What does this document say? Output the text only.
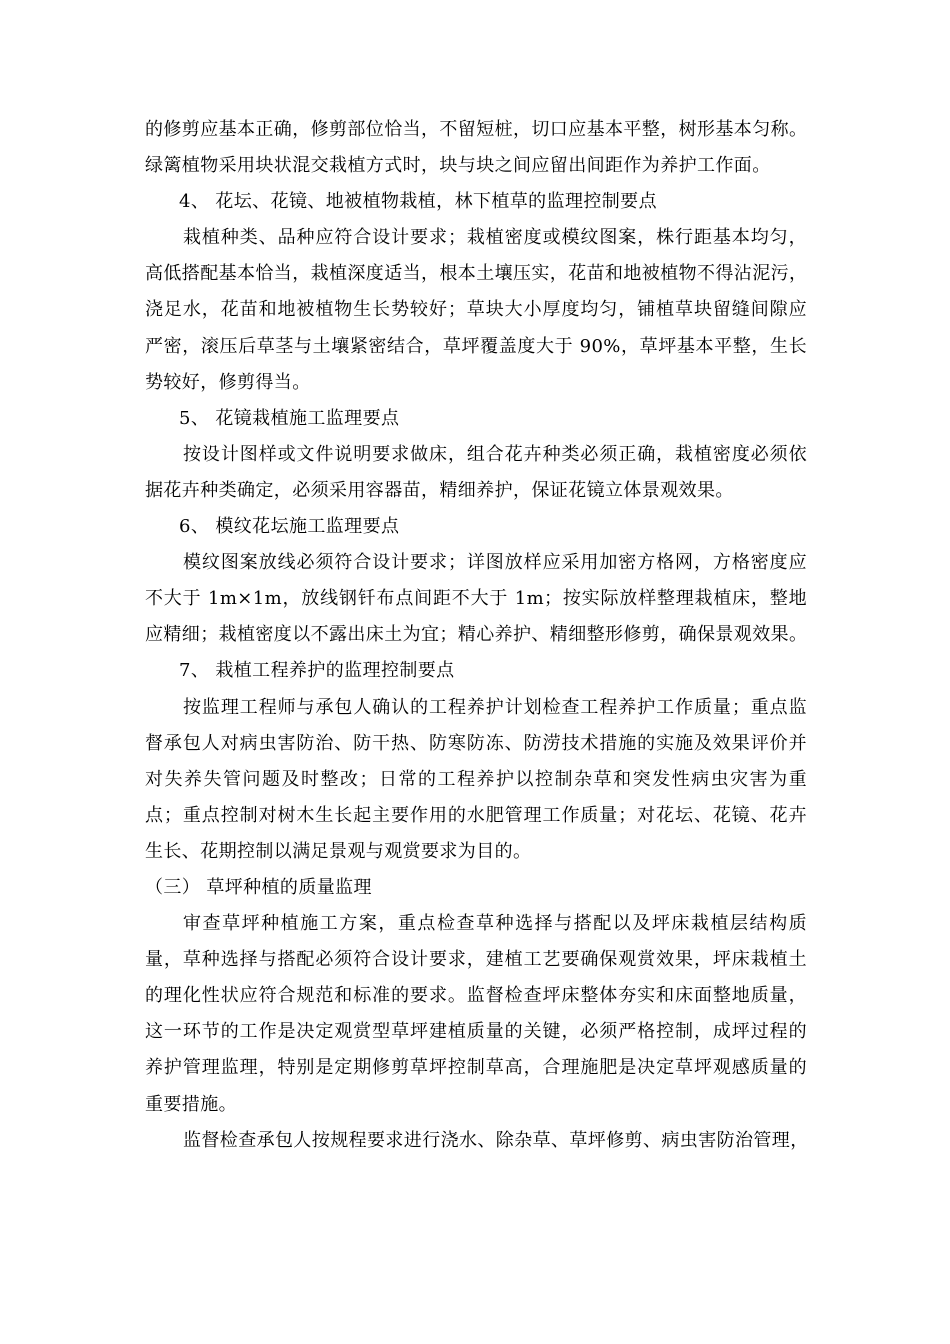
的修剪应基本正确，修剪部位恰当，不留短桩，切口应基本平整，树形基本匀称。
绿篱植物采用块状混交栽植方式时，块与块之间应留出间距作为养护工作面。
4、 花坛、花镜、地被植物栽植，林下植草的监理控制要点
栽植种类、品种应符合设计要求；栽植密度或模纹图案，株行距基本均匀，
高低搭配基本恰当，栽植深度适当，根本土壤压实，花苗和地被植物不得沾泥污，
浇足水，花苗和地被植物生长势较好；草块大小厚度均匀，铺植草块留缝间隙应
严密，滚压后草茎与土壤紧密结合，草坪覆盖度大于 90%，草坪基本平整，生长
势较好，修剪得当。
5、 花镜栽植施工监理要点
按设计图样或文件说明要求做床，组合花卉种类必须正确，栽植密度必须依
据花卉种类确定，必须采用容器苗，精细养护，保证花镜立体景观效果。
6、 模纹花坛施工监理要点
模纹图案放线必须符合设计要求；详图放样应采用加密方格网，方格密度应
不大于 1m×1m，放线钢钎布点间距不大于 1m；按实际放样整理栽植床，整地
应精细；栽植密度以不露出床土为宜；精心养护、精细整形修剪，确保景观效果。
7、 栽植工程养护的监理控制要点
按监理工程师与承包人确认的工程养护计划检查工程养护工作质量；重点监
督承包人对病虫害防治、防干热、防寒防冻、防涝技术措施的实施及效果评价并
对失养失管问题及时整改；日常的工程养护以控制杂草和突发性病虫灾害为重
点；重点控制对树木生长起主要作用的水肥管理工作质量；对花坛、花镜、花卉
生长、花期控制以满足景观与观赏要求为目的。
（三） 草坪种植的质量监理
审查草坪种植施工方案，重点检查草种选择与搭配以及坪床栽植层结构质
量，草种选择与搭配必须符合设计要求，建植工艺要确保观赏效果，坪床栽植土
的理化性状应符合规范和标准的要求。监督检查坪床整体夯实和床面整地质量，
这一环节的工作是决定观赏型草坪建植质量的关键，必须严格控制，成坪过程的
养护管理监理，特别是定期修剪草坪控制草高，合理施肥是决定草坪观感质量的
重要措施。
监督检查承包人按规程要求进行浇水、除杂草、草坪修剪、病虫害防治管理，
